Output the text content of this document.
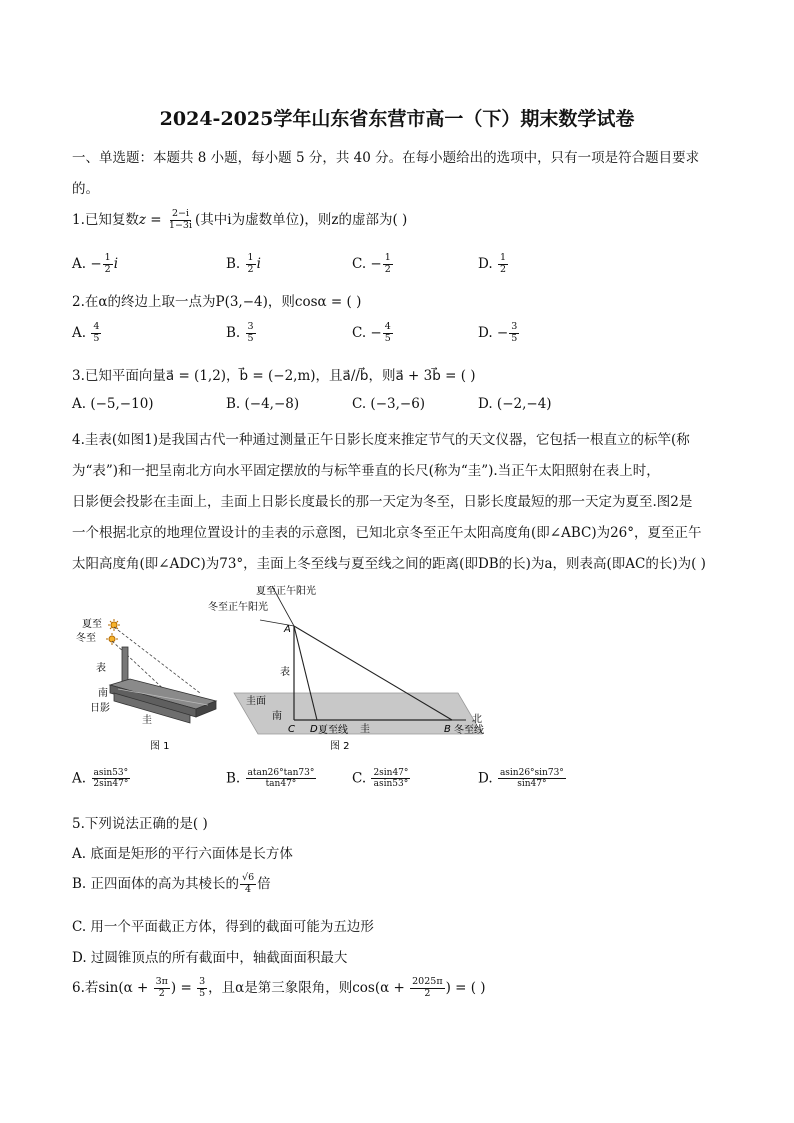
2024-2025学年山东省东营市高一（下）期末数学试卷
一、单选题：本题共 8 小题，每小题 5 分，共 40 分。在每小题给出的选项中，只有一项是符合题目要求
的。
1.已知复数$z = \frac{2-i}{1-3i}$ (其中i为虚数单位)，则z的虚部为( )
A. − $\frac{1}{2}$ i	B. $\frac{1}{2}$ i	C. − $\frac{1}{2}$	D. $\frac{1}{2}$
2.在α的终边上取一点为P(3,−4)，则cosα = ( )
A. $\frac{4}{5}$	B. $\frac{3}{5}$	C. − $\frac{4}{5}$	D. − $\frac{3}{5}$
3.已知平面向量a⃗ = (1,2)，b⃗ = (−2,m)，且a⃗//b⃗，则a⃗ + 3b⃗ = ( )
A. (−5,−10)	B. (−4,−8)	C. (−3,−6)	D. (−2,−4)
4.圭表(如图1)是我国古代一种通过测量正午日影长度来推定节气的天文仪器，它包括一根直立的标竿(称
为“表”)和一把呈南北方向水平固定摆放的与标竿垂直的长尺(称为“圭”).当正午太阳照射在表上时，
日影便会投影在圭面上，圭面上日影长度最长的那一天定为冬至，日影长度最短的那一天定为夏至.图2是
一个根据北京的地理位置设计的圭表的示意图，已知北京冬至正午太阳高度角(即∠ABC)为26°，夏至正午
太阳高度角(即∠ADC)为73°，圭面上冬至线与夏至线之间的距离(即DB的长)为a，则表高(即AC的长)为( )
夏至
冬至
表
南
日影
圭
图 1
夏至正午阳光
冬至正午阳光
A
表
圭面
南
C D 夏至线 圭	B
北
冬至线
图 2
A. $\frac{asin53^\circ}{2\sin 47^\circ}$	B. $\frac{atan26^\circ\tan 73^\circ}{\tan 47^\circ}$	C. $\frac{2\sin 47^\circ}{asin53^\circ}$	D. $\frac{asin26^\circ\sin 73^\circ}{\sin 47^\circ}$
5.下列说法正确的是( )
A. 底面是矩形的平行六面体是长方体
B. 正四面体的高为其棱长的 $\frac{√6}{4}$ 倍
C. 用一个平面截正方体，得到的截面可能为五边形
D. 过圆锥顶点的所有截面中，轴截面面积最大
6.若$\sin(\alpha + \frac{3\pi}{2}$ ) = $\frac{3}{5}$ ，且α是第三象限角，则$\cos(\alpha + \frac{2025\pi}{2}$ ) = ( )
